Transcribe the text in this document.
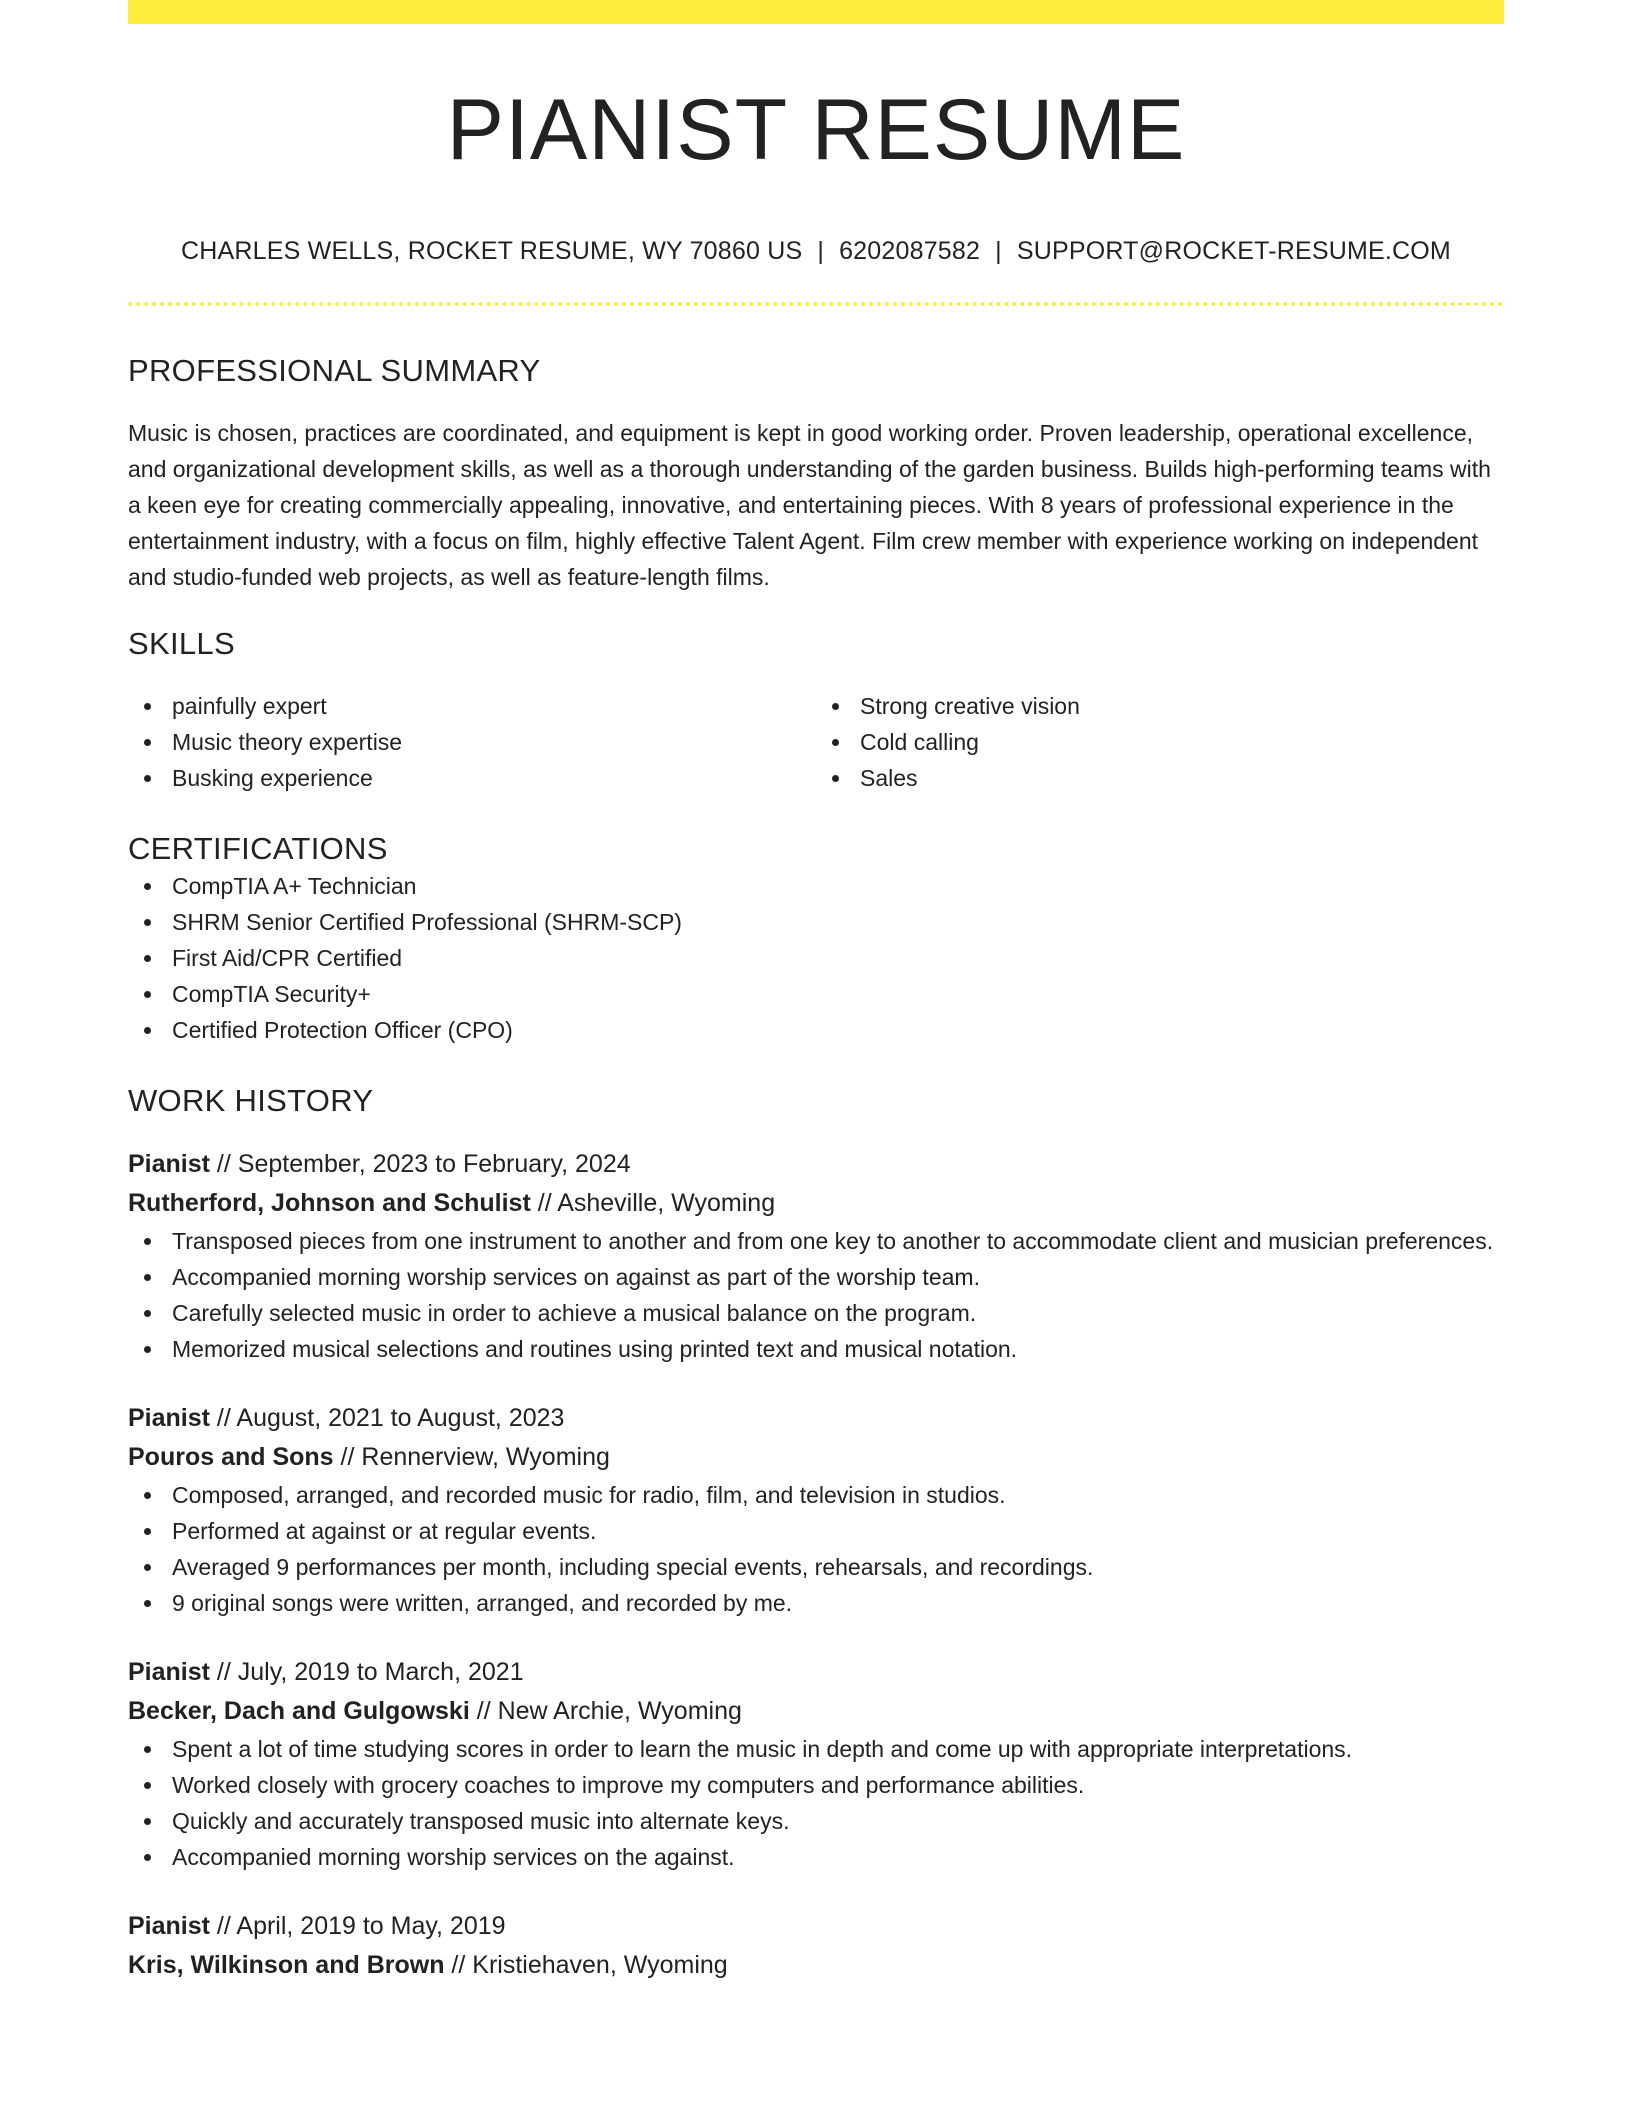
PIANIST RESUME
CHARLES WELLS, ROCKET RESUME, WY 70860 US | 6202087582 | SUPPORT@ROCKET-RESUME.COM
PROFESSIONAL SUMMARY

Music is chosen, practices are coordinated, and equipment is kept in good working order. Proven leadership, operational excellence, and organizational development skills, as well as a thorough understanding of the garden business. Builds high-performing teams with a keen eye for creating commercially appealing, innovative, and entertaining pieces. With 8 years of professional experience in the entertainment industry, with a focus on film, highly effective Talent Agent. Film crew member with experience working on independent and studio-funded web projects, as well as feature-length films.

SKILLS
painfully expert
Music theory expertise
Busking experience
Strong creative vision
Cold calling
Sales
CERTIFICATIONS
CompTIA A+ Technician
SHRM Senior Certified Professional (SHRM-SCP)
First Aid/CPR Certified
CompTIA Security+
Certified Protection Officer (CPO)
WORK HISTORY
Pianist // September, 2023 to February, 2024
Rutherford, Johnson and Schulist // Asheville, Wyoming
Transposed pieces from one instrument to another and from one key to another to accommodate client and musician preferences.
Accompanied morning worship services on against as part of the worship team.
Carefully selected music in order to achieve a musical balance on the program.
Memorized musical selections and routines using printed text and musical notation.
Pianist // August, 2021 to August, 2023
Pouros and Sons // Rennerview, Wyoming
Composed, arranged, and recorded music for radio, film, and television in studios.
Performed at against or at regular events.
Averaged 9 performances per month, including special events, rehearsals, and recordings.
9 original songs were written, arranged, and recorded by me.
Pianist // July, 2019 to March, 2021
Becker, Dach and Gulgowski // New Archie, Wyoming
Spent a lot of time studying scores in order to learn the music in depth and come up with appropriate interpretations.
Worked closely with grocery coaches to improve my computers and performance abilities.
Quickly and accurately transposed music into alternate keys.
Accompanied morning worship services on the against.
Pianist // April, 2019 to May, 2019
Kris, Wilkinson and Brown // Kristiehaven, Wyoming
